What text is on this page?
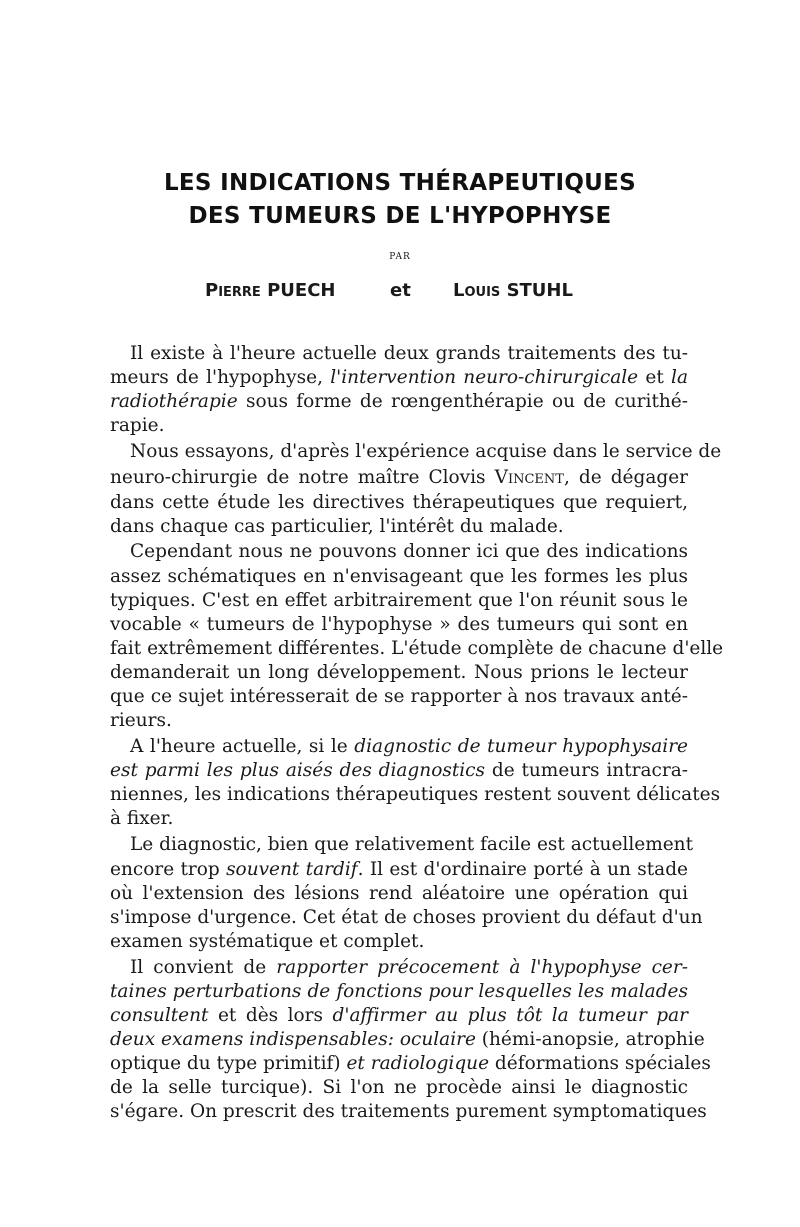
LES INDICATIONS THÉRAPEUTIQUES
DES TUMEURS DE L'HYPOPHYSE
PAR
Pierre PUECH	et Louis STUHL
Il existe à l'heure actuelle deux grands traitements des tu-
meurs de l'hypophyse, l'intervention neuro-chirurgicale et la
radiothérapie sous forme de rœngenthérapie ou de curithé-
rapie.
Nous essayons, d'après l'expérience acquise dans le service de
neuro-chirurgie de notre maître Clovis Vincent, de dégager
dans cette étude les directives thérapeutiques que requiert,
dans chaque cas particulier, l'intérêt du malade.
Cependant nous ne pouvons donner ici que des indications
assez schématiques en n'envisageant que les formes les plus
typiques. C'est en effet arbitrairement que l'on réunit sous le
vocable « tumeurs de l'hypophyse » des tumeurs qui sont en
fait extrêmement différentes. L'étude complète de chacune d'elle
demanderait un long développement. Nous prions le lecteur
que ce sujet intéresserait de se rapporter à nos travaux anté-
rieurs.
A l'heure actuelle, si le diagnostic de tumeur hypophysaire
est parmi les plus aisés des diagnostics de tumeurs intracra-
niennes, les indications thérapeutiques restent souvent délicates
à fixer.
Le diagnostic, bien que relativement facile est actuellement
encore trop souvent tardif. Il est d'ordinaire porté à un stade
où l'extension des lésions rend aléatoire une opération qui
s'impose d'urgence. Cet état de choses provient du défaut d'un
examen systématique et complet.
Il convient de rapporter précocement à l'hypophyse cer-
taines perturbations de fonctions pour lesquelles les malades
consultent et dès lors d'affirmer au plus tôt la tumeur par
deux examens indispensables: oculaire (hémi-anopsie, atrophie
optique du type primitif) et radiologique déformations spéciales
de la selle turcique). Si l'on ne procède ainsi le diagnostic
s'égare. On prescrit des traitements purement symptomatiques
